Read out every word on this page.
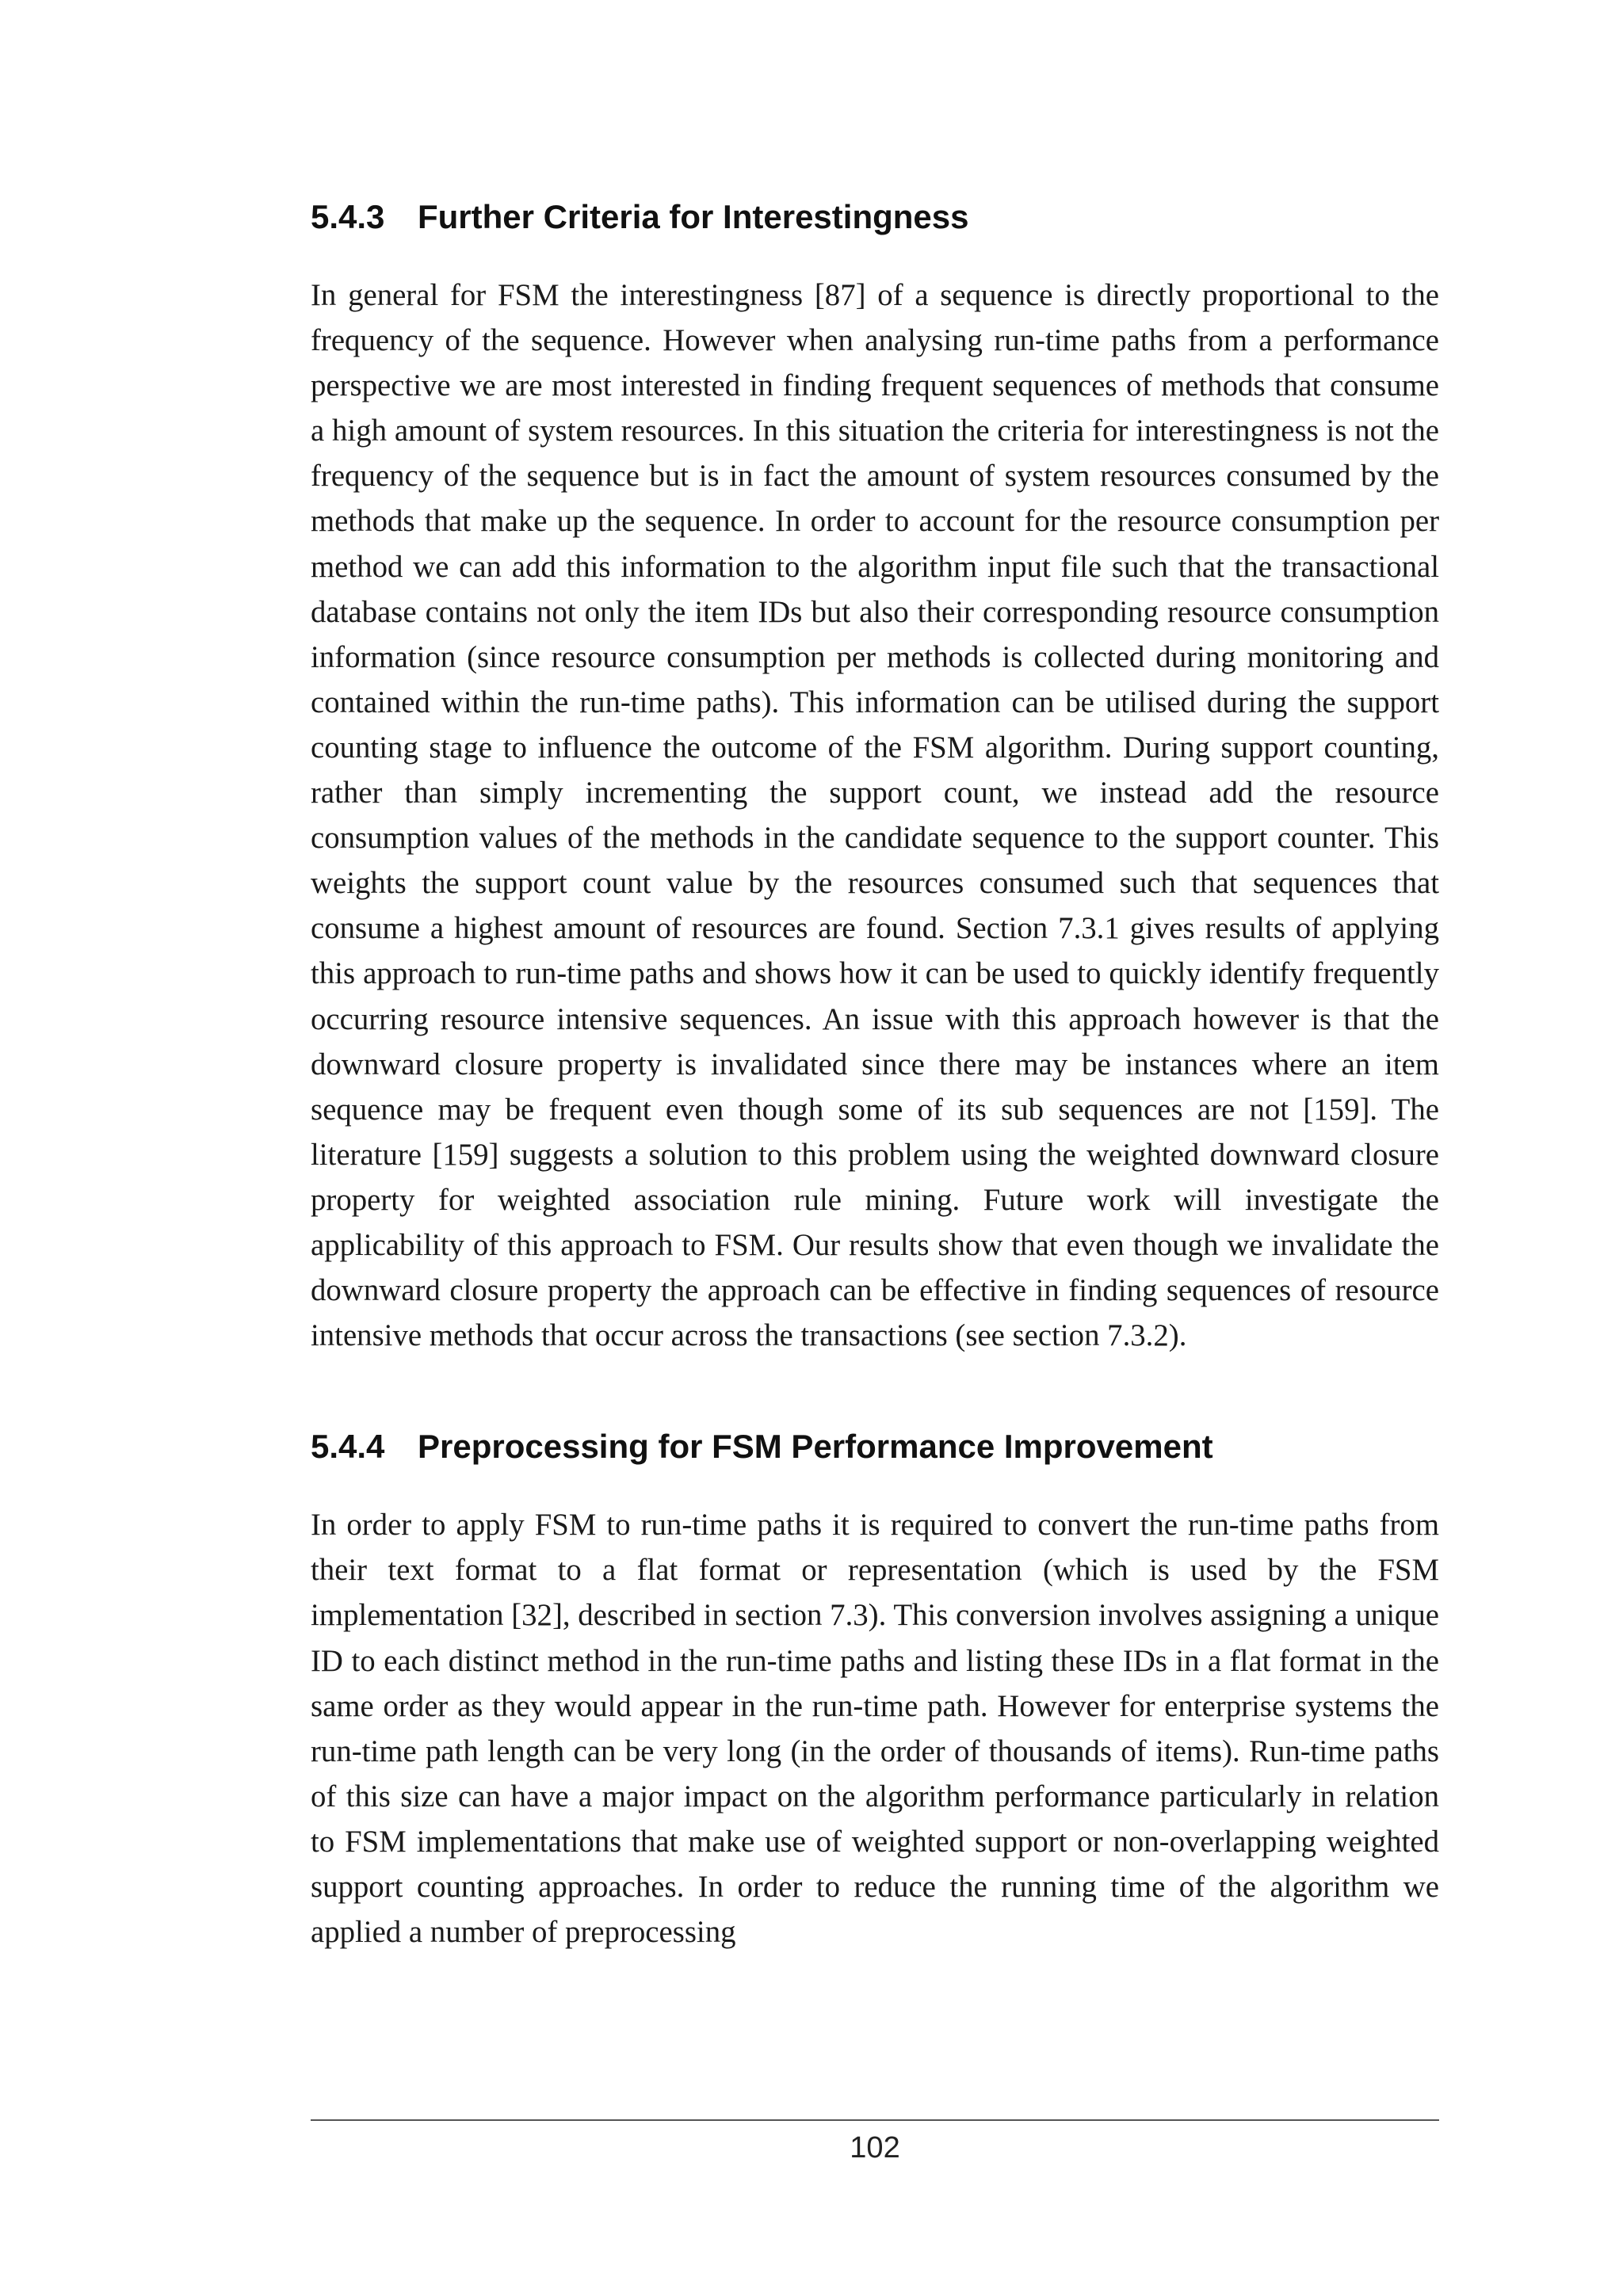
5.4.3 Further Criteria for Interestingness

In general for FSM the interestingness [87] of a sequence is directly proportional to the frequency of the sequence. However when analysing run-time paths from a performance perspective we are most interested in finding frequent sequences of methods that consume a high amount of system resources. In this situation the criteria for interestingness is not the frequency of the sequence but is in fact the amount of system resources consumed by the methods that make up the sequence. In order to account for the resource consumption per method we can add this information to the algorithm input file such that the transactional database contains not only the item IDs but also their corresponding resource consumption information (since resource consumption per methods is collected during monitoring and contained within the run-time paths). This information can be utilised during the support counting stage to influence the outcome of the FSM algorithm. During support counting, rather than simply incrementing the support count, we instead add the resource consumption values of the methods in the candidate sequence to the support counter. This weights the support count value by the resources consumed such that sequences that consume a highest amount of resources are found. Section 7.3.1 gives results of applying this approach to run-time paths and shows how it can be used to quickly identify frequently occurring resource intensive sequences. An issue with this approach however is that the downward closure property is invalidated since there may be instances where an item sequence may be frequent even though some of its sub sequences are not [159]. The literature [159] suggests a solution to this problem using the weighted downward closure property for weighted association rule mining. Future work will investigate the applicability of this approach to FSM. Our results show that even though we invalidate the downward closure property the approach can be effective in finding sequences of resource intensive methods that occur across the transactions (see section 7.3.2).

5.4.4 Preprocessing for FSM Performance Improvement

In order to apply FSM to run-time paths it is required to convert the run-time paths from their text format to a flat format or representation (which is used by the FSM implementation [32], described in section 7.3). This conversion involves assigning a unique ID to each distinct method in the run-time paths and listing these IDs in a flat format in the same order as they would appear in the run-time path. However for enterprise systems the run-time path length can be very long (in the order of thousands of items). Run-time paths of this size can have a major impact on the algorithm performance particularly in relation to FSM implementations that make use of weighted support or non-overlapping weighted support counting approaches. In order to reduce the running time of the algorithm we applied a number of preprocessing

102
